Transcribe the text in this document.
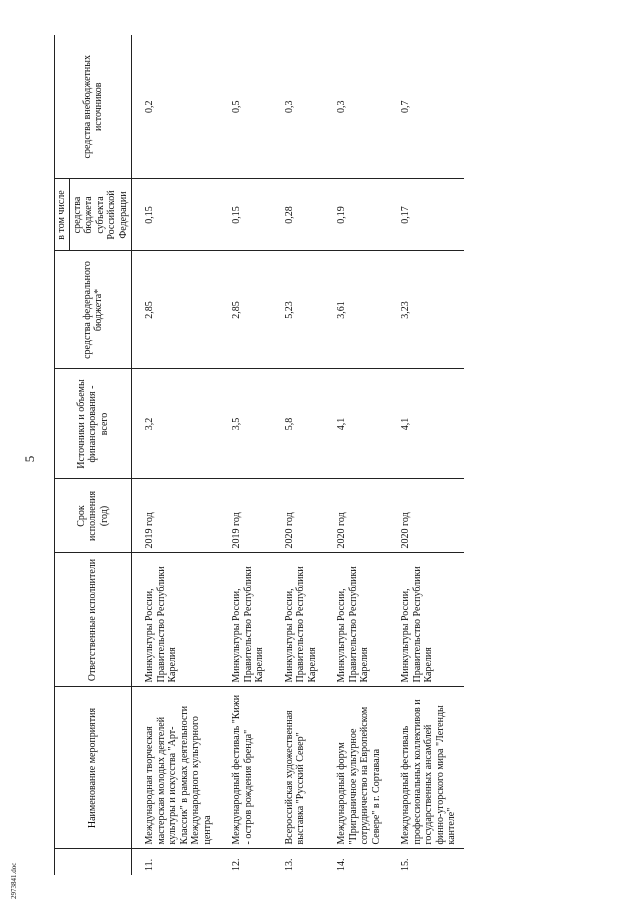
5
2973841.doc
	Наименование мероприятия	Ответственные исполнители	Срок исполнения (год)	Источники и объемы финансирования - всего	средства федерального бюджета*	в том числе	средства внебюджетных источников
						средства бюджета субъекта Российской Федерации	
11.	Международная творческая мастерская молодых деятелей культуры и искусства "Арт-Классик" в рамках деятельности Международного культурного центра	Минкультуры России, Правительство Республики Карелия	2019 год	3,2	2,85	0,15	0,2
12.	Международный фестиваль "Кижи - остров рождения бренда"	Минкультуры России, Правительство Республики Карелия	2019 год	3,5	2,85	0,15	0,5
13.	Всероссийская художественная выставка "Русский Север"	Минкультуры России, Правительство Республики Карелия	2020 год	5,8	5,23	0,28	0,3
14.	Международный форум "Приграничное культурное сотрудничество на Европейском Севере" в г. Сортавала	Минкультуры России, Правительство Республики Карелия	2020 год	4,1	3,61	0,19	0,3
15.	Международный фестиваль профессиональных коллективов и государственных ансамблей финно-угорского мира "Легенды кантеле"	Минкультуры России, Правительство Республики Карелия	2020 год	4,1	3,23	0,17	0,7
